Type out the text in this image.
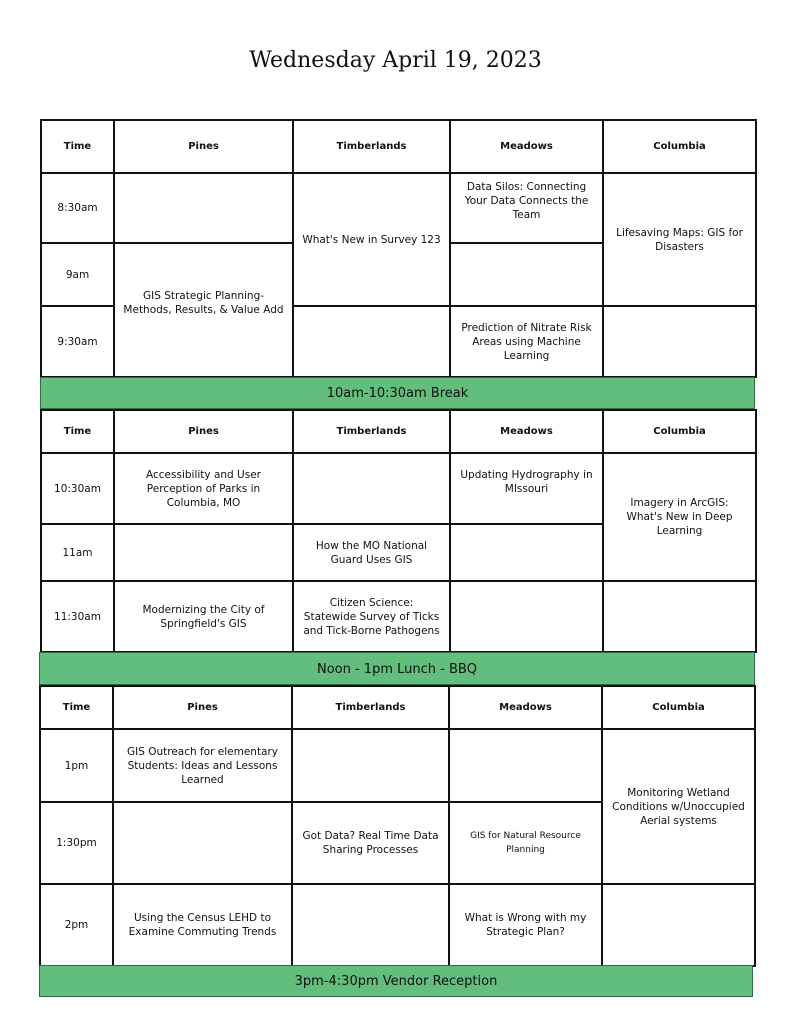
Wednesday April 19, 2023
Time	Pines	Timberlands	Meadows	Columbia
8:30am		What's New in Survey 123	Data Silos: Connecting Your Data Connects the Team	Lifesaving Maps: GIS for Disasters
9am	GIS Strategic Planning- Methods, Results, & Value Add			
9:30am			Prediction of Nitrate Risk Areas using Machine Learning	
10am-10:30am Break
Time	Pines	Timberlands	Meadows	Columbia
10:30am	Accessibility and User Perception of Parks in Columbia, MO		Updating Hydrography in MIssouri	Imagery in ArcGIS: What's New in Deep Learning
11am		How the MO National Guard Uses GIS		
11:30am	Modernizing the City of Springfield's GIS	Citizen Science: Statewide Survey of Ticks and Tick-Borne Pathogens		
Noon - 1pm Lunch - BBQ
Time	Pines	Timberlands	Meadows	Columbia
1pm	GIS Outreach for elementary Students: Ideas and Lessons Learned			Monitoring Wetland Conditions w/Unoccupied Aerial systems
1:30pm		Got Data? Real Time Data Sharing Processes	GIS for Natural Resource Planning	
2pm	Using the Census LEHD to Examine Commuting Trends		What is Wrong with my Strategic Plan?	
3pm-4:30pm Vendor Reception
